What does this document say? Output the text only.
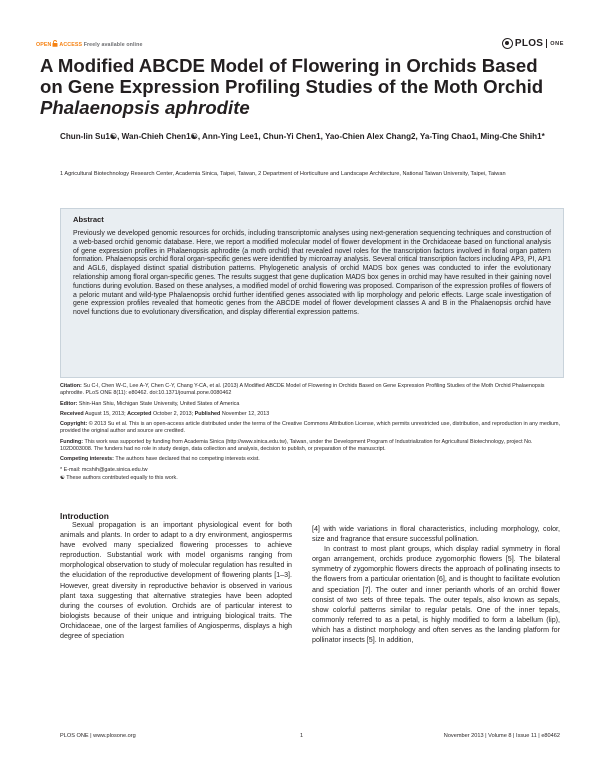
OPEN ACCESS Freely available online	PLOS ONE
A Modified ABCDE Model of Flowering in Orchids Based on Gene Expression Profiling Studies of the Moth Orchid Phalaenopsis aphrodite
Chun-lin Su1☯, Wan-Chieh Chen1☯, Ann-Ying Lee1, Chun-Yi Chen1, Yao-Chien Alex Chang2, Ya-Ting Chao1, Ming-Che Shih1*
1 Agricultural Biotechnology Research Center, Academia Sinica, Taipei, Taiwan, 2 Department of Horticulture and Landscape Architecture, National Taiwan University, Taipei, Taiwan
Abstract
Previously we developed genomic resources for orchids, including transcriptomic analyses using next-generation sequencing techniques and construction of a web-based orchid genomic database. Here, we report a modified molecular model of flower development in the Orchidaceae based on functional analysis of gene expression profiles in Phalaenopsis aphrodite (a moth orchid) that revealed novel roles for the transcription factors involved in floral organ pattern formation. Phalaenopsis orchid floral organ-specific genes were identified by microarray analysis. Several critical transcription factors including AP3, PI, AP1 and AGL6, displayed distinct spatial distribution patterns. Phylogenetic analysis of orchid MADS box genes was conducted to infer the evolutionary relationship among floral organ-specific genes. The results suggest that gene duplication MADS box genes in orchid may have resulted in their gaining novel functions during evolution. Based on these analyses, a modified model of orchid flowering was proposed. Comparison of the expression profiles of flowers of a peloric mutant and wild-type Phalaenopsis orchid further identified genes associated with lip morphology and peloric effects. Large scale investigation of gene expression profiles revealed that homeotic genes from the ABCDE model of flower development classes A and B in the Phalaenopsis orchid have novel functions due to evolutionary diversification, and display differential expression patterns.
Citation: Su C-l, Chen W-C, Lee A-Y, Chen C-Y, Chang Y-CA, et al. (2013) A Modified ABCDE Model of Flowering in Orchids Based on Gene Expression Profiling Studies of the Moth Orchid Phalaenopsis aphrodite. PLoS ONE 8(11): e80462. doi:10.1371/journal.pone.0080462
Editor: Shin-Han Shiu, Michigan State University, United States of America
Received August 15, 2013; Accepted October 2, 2013; Published November 12, 2013
Copyright: © 2013 Su et al. This is an open-access article distributed under the terms of the Creative Commons Attribution License, which permits unrestricted use, distribution, and reproduction in any medium, provided the original author and source are credited.
Funding: This work was supported by funding from Academia Sinica (http://www.sinica.edu.tw), Taiwan, under the Development Program of Industrialization for Agricultural Biotechnology, project No. 102D003008. The funders had no role in study design, data collection and analysis, decision to publish, or preparation of the manuscript.
Competing interests: The authors have declared that no competing interests exist.
* E-mail: mcshih@gate.sinica.edu.tw
☯ These authors contributed equally to this work.
Introduction

Sexual propagation is an important physiological event for both animals and plants. In order to adapt to a dry environment, angiosperms have evolved many specialized flowering processes to achieve reproduction. Substantial work with model organisms ranging from morphological observation to study of molecular regulation has resulted in the elucidation of the reproductive development of flowering plants [1–3]. However, great diversity in reproductive behavior is observed in various plant taxa suggesting that alternative strategies have been adopted during the courses of evolution. Orchids are of particular interest to biologists because of their unique and intriguing biological traits. The Orchidaceae, one of the largest families of Angiosperms, displays a high degree of speciation

[4] with wide variations in floral characteristics, including morphology, color, size and fragrance that ensure successful pollination.

In contrast to most plant groups, which display radial symmetry in floral organ arrangement, orchids produce zygomorphic flowers [5]. The bilateral symmetry of zygomorphic flowers directs the approach of pollinating insects to the flowers from a particular orientation [6], and is thought to facilitate evolution and speciation [7]. The outer and inner perianth whorls of an orchid flower consist of two sets of three tepals. The outer tepals, also known as sepals, show colorful patterns similar to regular petals. One of the inner tepals, commonly referred to as a petal, is highly modified to form a labellum (lip), which has a distinct morphology and often serves as the landing platform for pollinator insects [5]. In addition,

PLOS ONE | www.plosone.org	1	November 2013 | Volume 8 | Issue 11 | e80462
